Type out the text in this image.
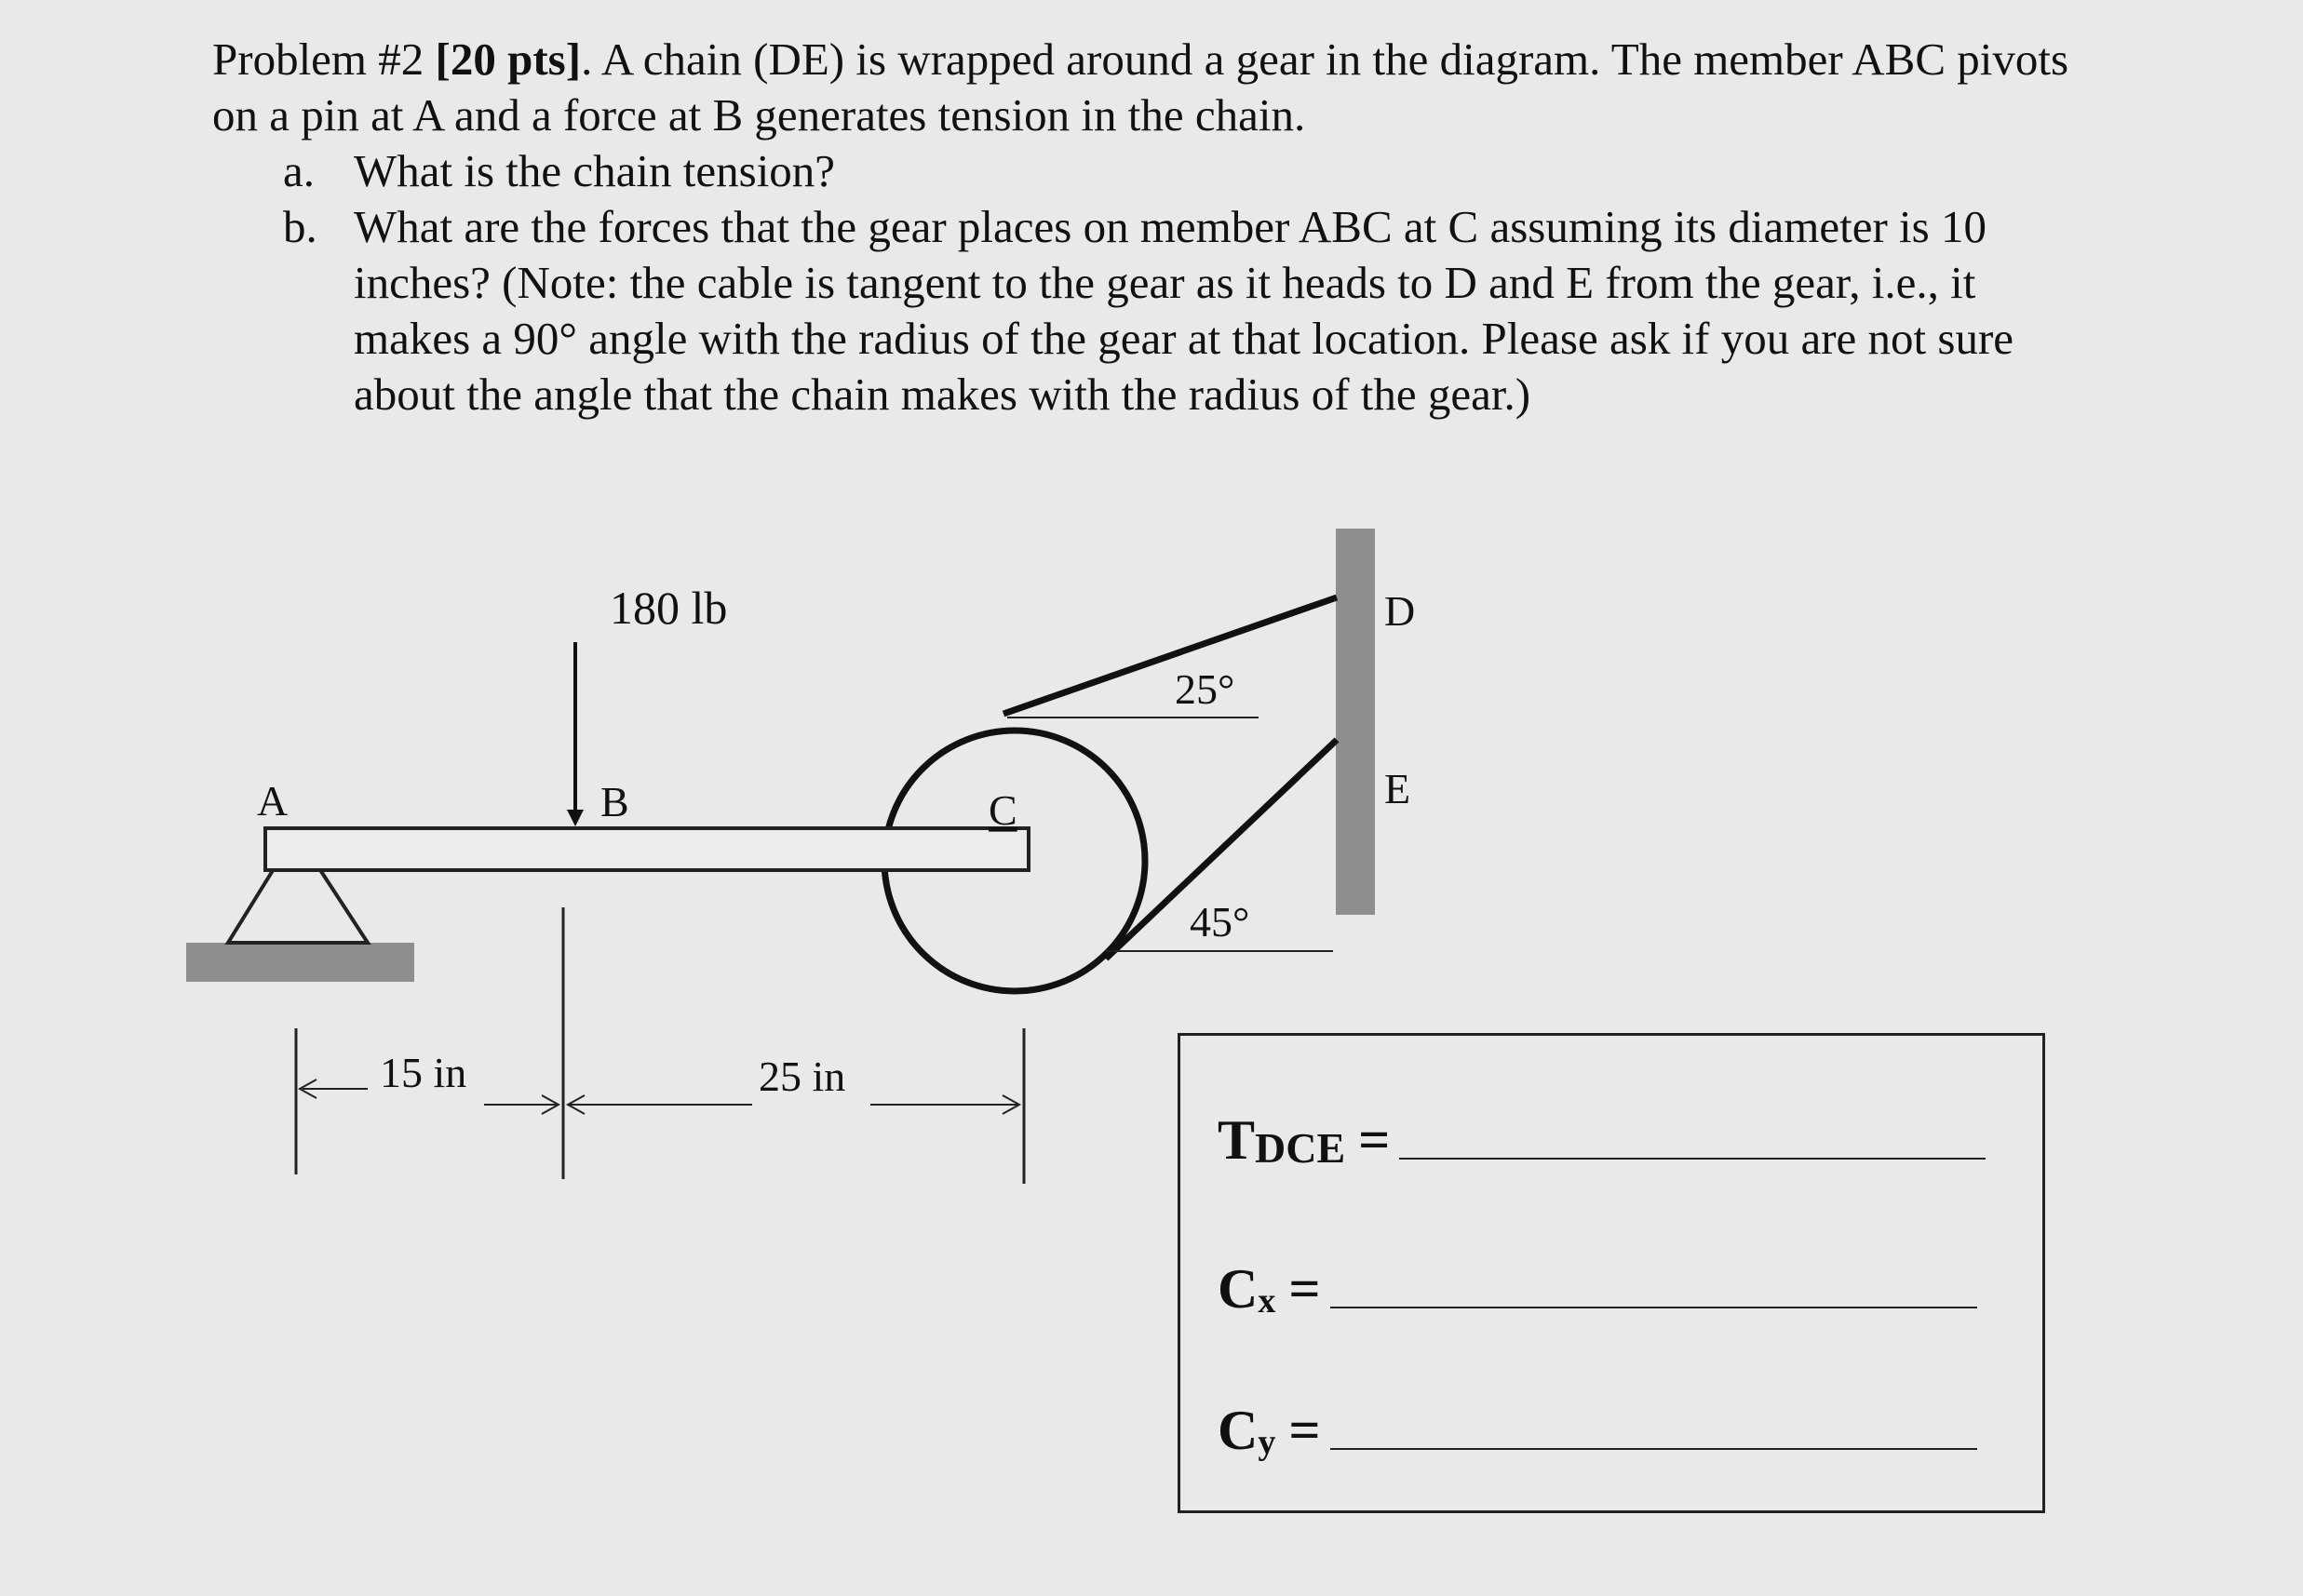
Problem #2 [20 pts]. A chain (DE) is wrapped around a gear in the diagram. The member ABC pivots on a pin at A and a force at B generates tension in the chain.

a. What is the chain tension?
b. What are the forces that the gear places on member ABC at C assuming its diameter is 10 inches? (Note: the cable is tangent to the gear as it heads to D and E from the gear, i.e., it makes a 90° angle with the radius of the gear at that location. Please ask if you are not sure about the angle that the chain makes with the radius of the gear.)
180 lb
A	B	C
D
E
25°
45°
15 in	25 in
T DCE =
C x =
C y =
